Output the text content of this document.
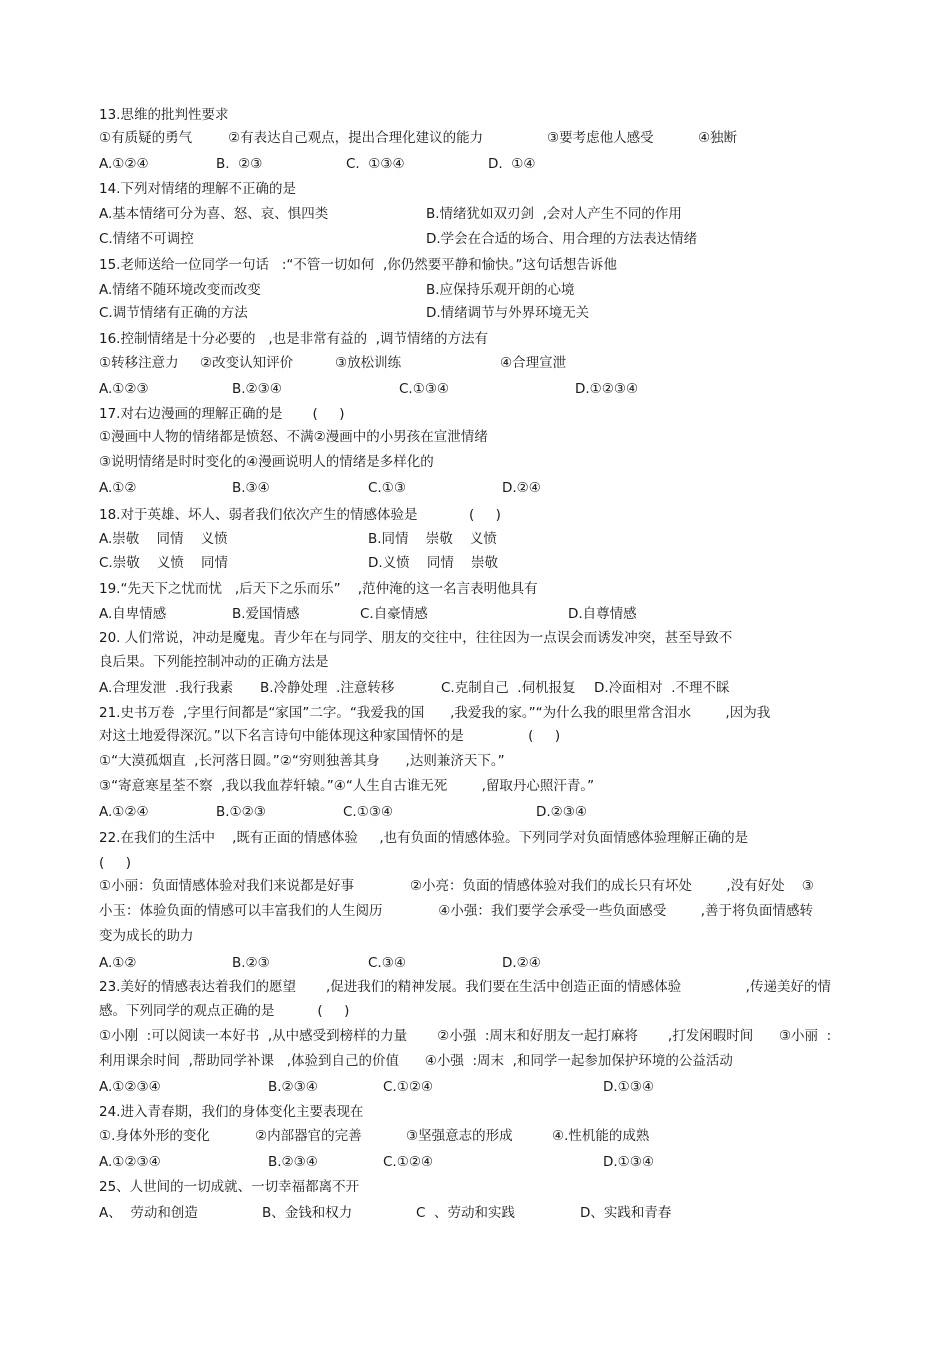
13.思维的批判性要求

①有质疑的勇气

	②有表达自己观点，提出合理化建议的能力

	③要考虑他人感受

	④独断

A.①②④

	B.  ②③

	C.  ①③④

	D.  ①④

14.下列对情绪的理解不正确的是

A.基本情绪可分为喜、怒、哀、惧四类

	B.情绪犹如双刃剑  ,会对人产生不同的作用

C.情绪不可调控

	D.学会在合适的场合、用合理的方法表达情绪

15.老师送给一位同学一句话   :“不管一切如何  ,你仍然要平静和愉快。”这句话想告诉他

A.情绪不随环境改变而改变

	B.应保持乐观开朗的心境

C.调节情绪有正确的方法

	D.情绪调节与外界环境无关

16.控制情绪是十分必要的   ,也是非常有益的  ,调节情绪的方法有

①转移注意力

②改变认知评价

	③放松训练

	④合理宣泄

A.①②③

	B.②③④

	C.①③④

	D.①②③④

17.对右边漫画的理解正确的是       (     )

①漫画中人物的情绪都是愤怒、不满②漫画中的小男孩在宣泄情绪

③说明情绪是时时变化的④漫画说明人的情绪是多样化的

A.①②

	B.③④

	C.①③

	D.②④

18.对于英雄、坏人、弱者我们依次产生的情感体验是            (     )

A.崇敬    同情    义愤

	B.同情    崇敬    义愤

C.崇敬    义愤    同情

	D.义愤    同情    崇敬

19.“先天下之忧而忧   ,后天下之乐而乐”    ,范仲淹的这一名言表明他具有

A.自卑情感

	B.爱国情感

	C.自豪情感

	D.自尊情感

20. 人们常说，冲动是魔鬼。青少年在与同学、朋友的交往中，往往因为一点误会而诱发冲突，甚至导致不

良后果。下列能控制冲动的正确方法是

A.合理发泄  .我行我素

B.冷静处理  .注意转移

	C.克制自己  .伺机报复

D.冷面相对  .不理不睬

21.史书万卷  ,字里行间都是“家国”二字。“我爱我的国      ,我爱我的家。”“为什么我的眼里常含泪水        ,因为我

对这土地爱得深沉。”以下名言诗句中能体现这种家国情怀的是               (     )

①“大漠孤烟直  ,长河落日圆。”②“穷则独善其身      ,达则兼济天下。”

③“寄意寒星荃不察  ,我以我血荐轩辕。”④“人生自古谁无死        ,留取丹心照汗青。”

A.①②④

	B.①②③

	C.①③④

	D.②③④

22.在我们的生活中    ,既有正面的情感体验     ,也有负面的情感体验。下列同学对负面情感体验理解正确的是

(     )

①小丽：负面情感体验对我们来说都是好事             ②小亮：负面的情感体验对我们的成长只有坏处        ,没有好处    ③

小玉：体验负面的情感可以丰富我们的人生阅历             ④小强：我们要学会承受一些负面感受        ,善于将负面情感转

变为成长的助力

A.①②

	B.②③

	C.③④

	D.②④

23.美好的情感表达着我们的愿望       ,促进我们的精神发展。我们要在生活中创造正面的情感体验               ,传递美好的情

感。下列同学的观点正确的是          (     )

①小刚  :可以阅读一本好书  ,从中感受到榜样的力量       ②小强  :周末和好朋友一起打麻将       ,打发闲暇时间      ③小丽  :

利用课余时间  ,帮助同学补课   ,体验到自己的价值      ④小强  :周末  ,和同学一起参加保护环境的公益活动

A.①②③④

	B.②③④

	C.①②④

	D.①③④

24.进入青春期，我们的身体变化主要表现在

①.身体外形的变化

	②内部器官的完善

	③坚强意志的形成

	④.性机能的成熟

A.①②③④

	B.②③④

	C.①②④

	D.①③④

25、人世间的一切成就、一切幸福都离不开

A、  劳动和创造

	B、金钱和权力

	C  、劳动和实践

	D、实践和青春
